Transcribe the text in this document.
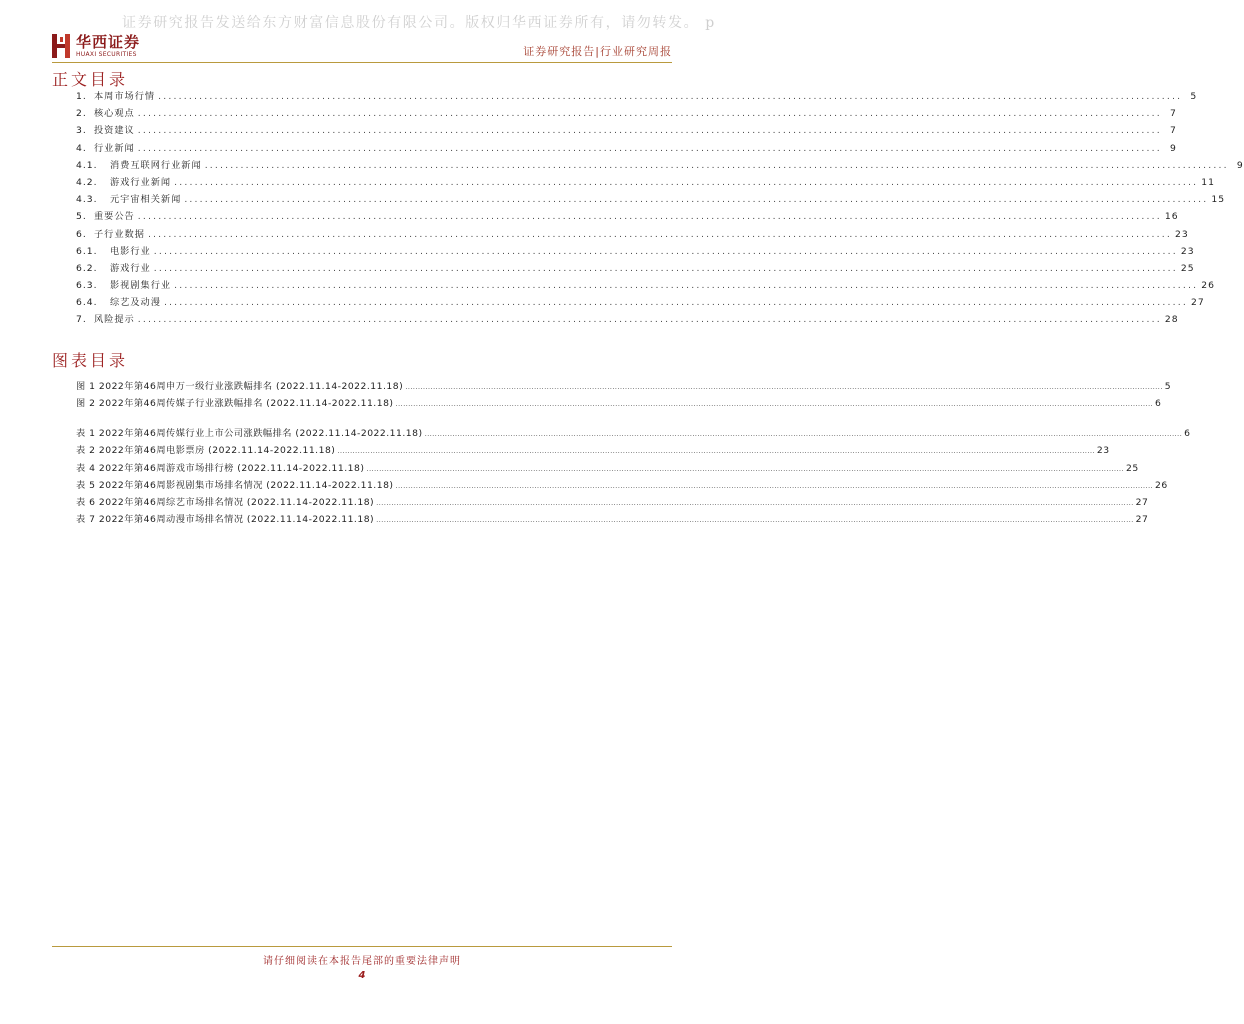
证券研究报告发送给东方财富信息股份有限公司。版权归华西证券所有，请勿转发。 p
华西证券
HUAXI SECURITIES	证券研究报告|行业研究周报
正文目录
1. 本周市场行情 ........................................................................................................................................................................................................ 5
2. 核心观点 ........................................................................................................................................................................................................ 7
3. 投资建议 ........................................................................................................................................................................................................ 7
4. 行业新闻 ........................................................................................................................................................................................................ 9
4.1.	消费互联网行业新闻 ........................................................................................................................................................................................................ 9
4.2.	游戏行业新闻 ........................................................................................................................................................................................................ 11
4.3.	元宇宙相关新闻 ........................................................................................................................................................................................................ 15
5. 重要公告 ........................................................................................................................................................................................................ 16
6. 子行业数据 ........................................................................................................................................................................................................ 23
6.1.	电影行业 ........................................................................................................................................................................................................ 23
6.2.	游戏行业 ........................................................................................................................................................................................................ 25
6.3.	影视剧集行业 ........................................................................................................................................................................................................ 26
6.4.	综艺及动漫 ........................................................................................................................................................................................................ 27
7. 风险提示 ........................................................................................................................................................................................................ 28
图表目录
图 1 2022年第46周申万一级行业涨跌幅排名 (2022.11.14-2022.11.18) ............................................................................................................................................................................................................................................................................................................ 5
图 2 2022年第46周传媒子行业涨跌幅排名 (2022.11.14-2022.11.18) ............................................................................................................................................................................................................................................................................................................ 6
表 1 2022年第46周传媒行业上市公司涨跌幅排名 (2022.11.14-2022.11.18) ............................................................................................................................................................................................................................................................................................................ 6
表 2 2022年第46周电影票房 (2022.11.14-2022.11.18) ............................................................................................................................................................................................................................................................................................................ 23
表 4 2022年第46周游戏市场排行榜 (2022.11.14-2022.11.18) ............................................................................................................................................................................................................................................................................................................ 25
表 5 2022年第46周影视剧集市场排名情况 (2022.11.14-2022.11.18) ............................................................................................................................................................................................................................................................................................................ 26
表 6 2022年第46周综艺市场排名情况 (2022.11.14-2022.11.18) ............................................................................................................................................................................................................................................................................................................ 27
表 7 2022年第46周动漫市场排名情况 (2022.11.14-2022.11.18) ............................................................................................................................................................................................................................................................................................................ 27
请仔细阅读在本报告尾部的重要法律声明
4
